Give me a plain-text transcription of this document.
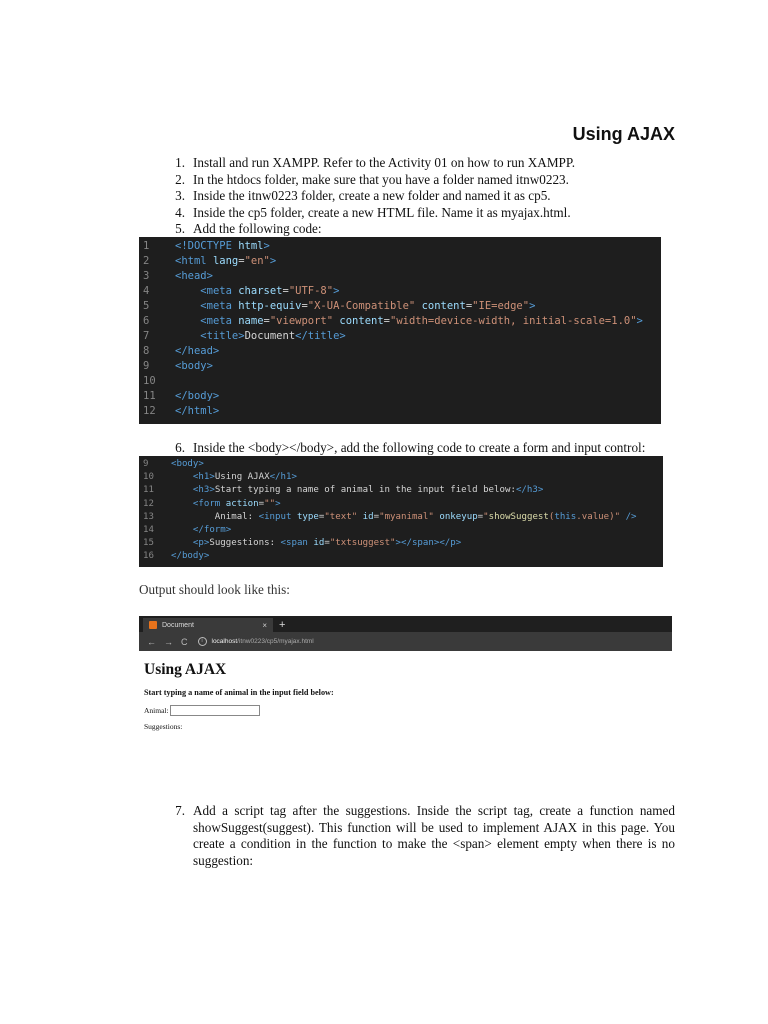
Using AJAX
1. Install and run XAMPP. Refer to the Activity 01 on how to run XAMPP.
2. In the htdocs folder, make sure that you have a folder named itnw0223.
3. Inside the itnw0223 folder, create a new folder and named it as cp5.
4. Inside the cp5 folder, create a new HTML file. Name it as myajax.html.
5. Add the following code:
1	<!DOCTYPE html>
2	<html lang="en">
3	<head>
4	<meta charset="UTF-8">
5	<meta http-equiv="X-UA-Compatible" content="IE=edge">
6	<meta name="viewport" content="width=device-width, initial-scale=1.0">
7	<title>Document</title>
8	</head>
9	<body>
10
11	</body>
12	</html>
6. Inside the <body></body>, add the following code to create a form and input control:
9	<body>
10	<h1>Using AJAX</h1>
11	<h3>Start typing a name of animal in the input field below:</h3>
12	<form action="">
13	Animal: <input type="text" id="myanimal" onkeyup="showSuggest(this.value)" />
14	</form>
15	<p>Suggestions: <span id="txtsuggest"></span></p>
16	</body>
Output should look like this:
Document	× +
← → C	i	localhost/itnw0223/cp5/myajax.html
Using AJAX
Start typing a name of animal in the input field below:
Animal:
Suggestions:
7. Add a script tag after the suggestions. Inside the script tag, create a function named showSuggest(suggest). This function will be used to implement AJAX in this page. You create a condition in the function to make the <span> element empty when there is no suggestion:
